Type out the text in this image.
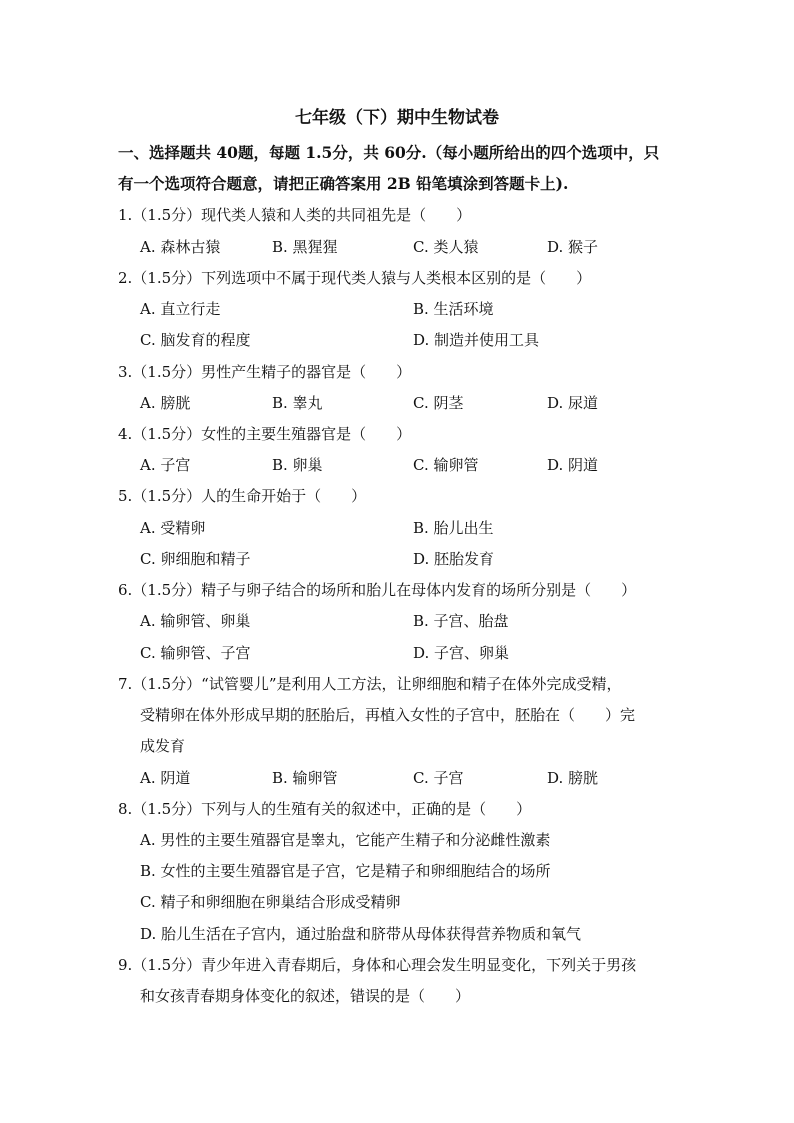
七年级（下）期中生物试卷
一、选择题共 40题，每题 1.5分，共 60分.（每小题所给出的四个选项中，只
有一个选项符合题意，请把正确答案用 2B 铅笔填涂到答题卡上).
1.（1.5分）现代类人猿和人类的共同祖先是（　　）
A. 森林古猿	B. 黑猩猩	C. 类人猿	D. 猴子
2.（1.5分）下列选项中不属于现代类人猿与人类根本区别的是（　　）
A. 直立行走	B. 生活环境
C. 脑发育的程度	D. 制造并使用工具
3.（1.5分）男性产生精子的器官是（　　）
A. 膀胱	B. 睾丸	C. 阴茎	D. 尿道
4.（1.5分）女性的主要生殖器官是（　　）
A. 子宫	B. 卵巢	C. 输卵管	D. 阴道
5.（1.5分）人的生命开始于（　　）
A. 受精卵	B. 胎儿出生
C. 卵细胞和精子	D. 胚胎发育
6.（1.5分）精子与卵子结合的场所和胎儿在母体内发育的场所分别是（　　）
A. 输卵管、卵巢	B. 子宫、胎盘
C. 输卵管、子宫	D. 子宫、卵巢
7.（1.5分）“试管婴儿”是利用人工方法，让卵细胞和精子在体外完成受精，
受精卵在体外形成早期的胚胎后，再植入女性的子宫中，胚胎在（　　）完
成发育
A. 阴道	B. 输卵管	C. 子宫	D. 膀胱
8.（1.5分）下列与人的生殖有关的叙述中，正确的是（　　）
A. 男性的主要生殖器官是睾丸，它能产生精子和分泌雌性激素
B. 女性的主要生殖器官是子宫，它是精子和卵细胞结合的场所
C. 精子和卵细胞在卵巢结合形成受精卵
D. 胎儿生活在子宫内，通过胎盘和脐带从母体获得营养物质和氧气
9.（1.5分）青少年进入青春期后，身体和心理会发生明显变化，下列关于男孩
和女孩青春期身体变化的叙述，错误的是（　　）
